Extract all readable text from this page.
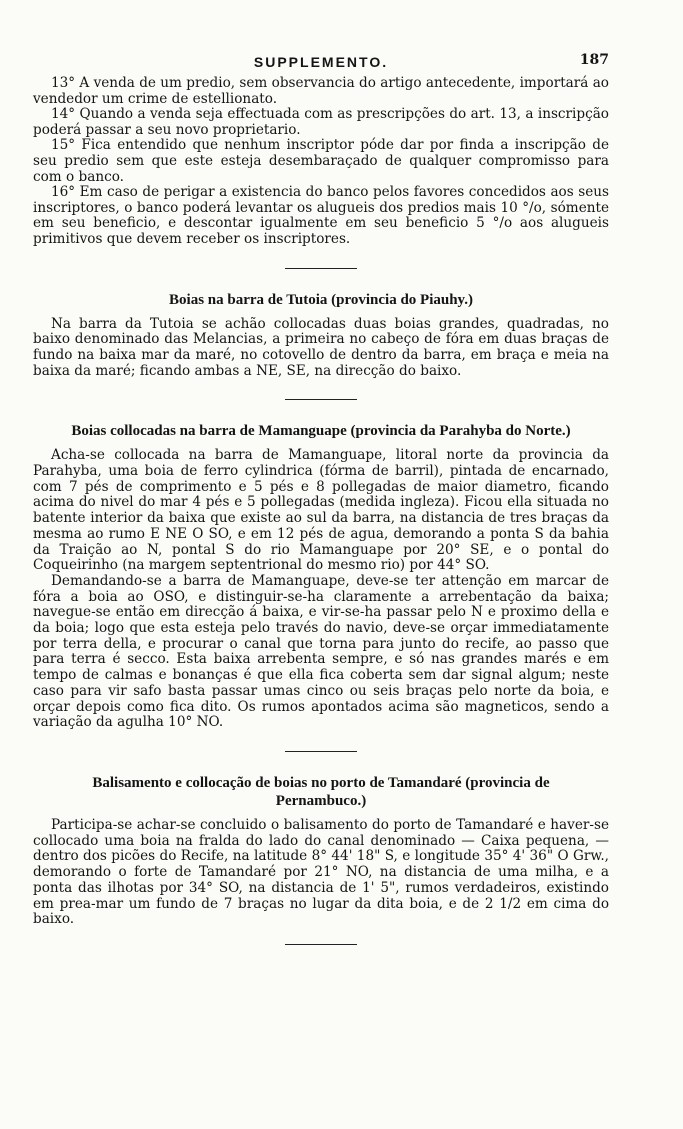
SUPPLEMENTO.	187

13° A venda de um predio, sem observancia do artigo antecedente, importará ao vendedor um crime de estellionato.

14° Quando a venda seja effectuada com as prescripções do art. 13, a inscripção poderá passar a seu novo proprietario.

15° Fica entendido que nenhum inscriptor póde dar por finda a inscripção de seu predio sem que este esteja desembaraçado de qualquer compromisso para com o banco.

16° Em caso de perigar a existencia do banco pelos favores concedidos aos seus inscriptores, o banco poderá levantar os alugueis dos predios mais 10 °/o, sómente em seu beneficio, e descontar igualmente em seu beneficio 5 °/o aos alugueis primitivos que devem receber os inscriptores.

Boias na barra de Tutoia (provincia do Piauhy.)

Na barra da Tutoia se achão collocadas duas boias grandes, quadradas, no baixo denominado das Melancias, a primeira no cabeço de fóra em duas braças de fundo na baixa mar da maré, no cotovello de dentro da barra, em braça e meia na baixa da maré; ficando ambas a NE, SE, na direcção do baixo.

Boias collocadas na barra de Mamanguape (provincia da Parahyba do Norte.)

Acha-se collocada na barra de Mamanguape, litoral norte da provincia da Parahyba, uma boia de ferro cylindrica (fórma de barril), pintada de encarnado, com 7 pés de comprimento e 5 pés e 8 pollegadas de maior diametro, ficando acima do nivel do mar 4 pés e 5 pollegadas (medida ingleza). Ficou ella situada no batente interior da baixa que existe ao sul da barra, na distancia de tres braças da mesma ao rumo E NE O SO, e em 12 pés de agua, demorando a ponta S da bahia da Traição ao N, pontal S do rio Mamanguape por 20° SE, e o pontal do Coqueirinho (na margem septentrional do mesmo rio) por 44° SO.

Demandando-se a barra de Mamanguape, deve-se ter attenção em marcar de fóra a boia ao OSO, e distinguir-se-ha claramente a arrebentação da baixa; navegue-se então em direcção á baixa, e vir-se-ha passar pelo N e proximo della e da boia; logo que esta esteja pelo través do navio, deve-se orçar immediatamente por terra della, e procurar o canal que torna para junto do recife, ao passo que para terra é secco. Esta baixa arrebenta sempre, e só nas grandes marés e em tempo de calmas e bonanças é que ella fica coberta sem dar signal algum; neste caso para vir safo basta passar umas cinco ou seis braças pelo norte da boia, e orçar depois como fica dito. Os rumos apontados acima são magneticos, sendo a variação da agulha 10° NO.

Balisamento e collocação de boias no porto de Tamandaré (provincia de Pernambuco.)

Participa-se achar-se concluido o balisamento do porto de Tamandaré e haver-se collocado uma boia na fralda do lado do canal denominado — Caixa pequena, — dentro dos picões do Recife, na latitude 8° 44' 18" S, e longitude 35° 4' 36" O Grw., demorando o forte de Tamandaré por 21° NO, na distancia de uma milha, e a ponta das ilhotas por 34° SO, na distancia de 1' 5", rumos verdadeiros, existindo em prea-mar um fundo de 7 braças no lugar da dita boia, e de 2 1/2 em cima do baixo.
